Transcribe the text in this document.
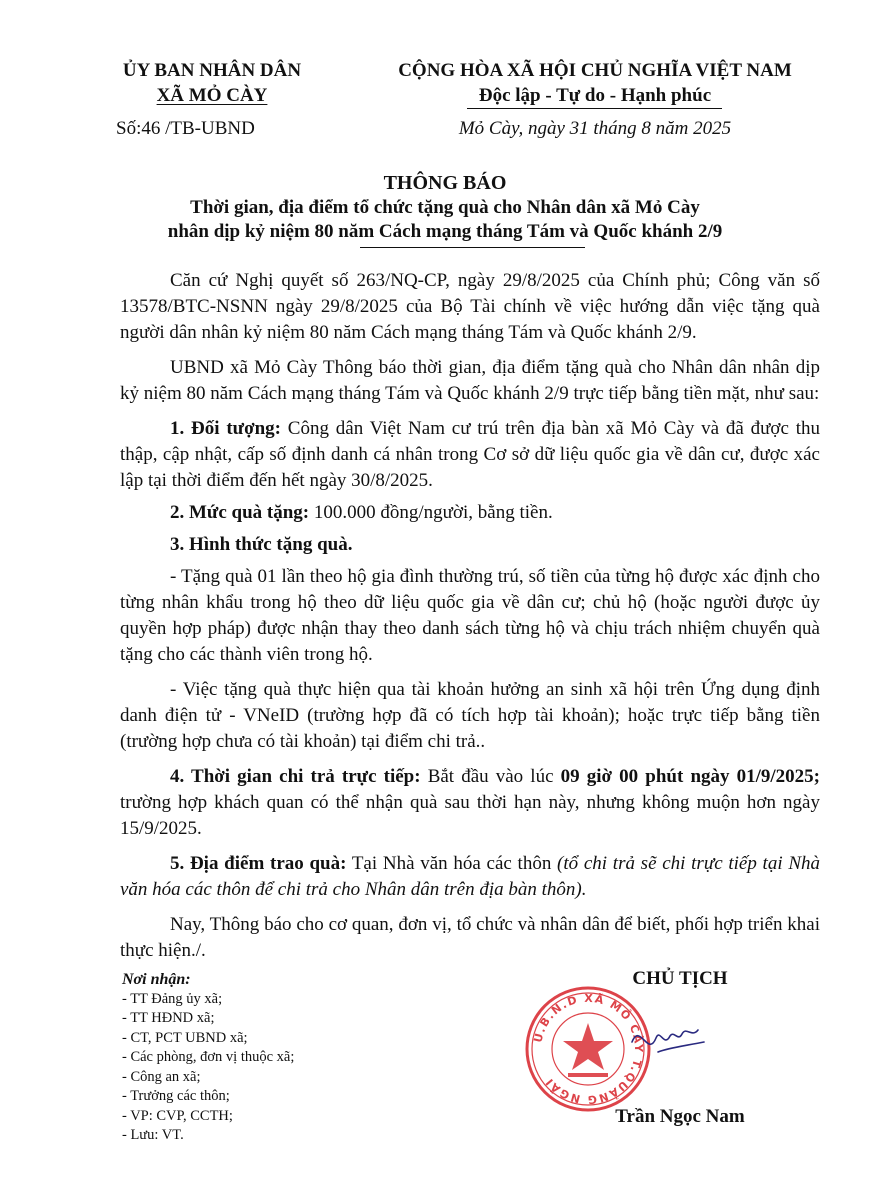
ỦY BAN NHÂN DÂN
XÃ MỎ CÀY
Số:46 /TB-UBND
CỘNG HÒA XÃ HỘI CHỦ NGHĨA VIỆT NAM
Độc lập - Tự do - Hạnh phúc
Mỏ Cày, ngày 31 tháng 8 năm 2025
THÔNG BÁO
Thời gian, địa điểm tổ chức tặng quà cho Nhân dân xã Mỏ Cày
nhân dịp kỷ niệm 80 năm Cách mạng tháng Tám và Quốc khánh 2/9

Căn cứ Nghị quyết số 263/NQ-CP, ngày 29/8/2025 của Chính phủ; Công văn số 13578/BTC-NSNN ngày 29/8/2025 của Bộ Tài chính về việc hướng dẫn việc tặng quà người dân nhân kỷ niệm 80 năm Cách mạng tháng Tám và Quốc khánh 2/9.

UBND xã Mỏ Cày Thông báo thời gian, địa điểm tặng quà cho Nhân dân nhân dịp kỷ niệm 80 năm Cách mạng tháng Tám và Quốc khánh 2/9 trực tiếp bằng tiền mặt, như sau:

1. Đối tượng: Công dân Việt Nam cư trú trên địa bàn xã Mỏ Cày và đã được thu thập, cập nhật, cấp số định danh cá nhân trong Cơ sở dữ liệu quốc gia về dân cư, được xác lập tại thời điểm đến hết ngày 30/8/2025.

2. Mức quà tặng: 100.000 đồng/người, bằng tiền.

3. Hình thức tặng quà.

- Tặng quà 01 lần theo hộ gia đình thường trú, số tiền của từng hộ được xác định cho từng nhân khẩu trong hộ theo dữ liệu quốc gia về dân cư; chủ hộ (hoặc người được ủy quyền hợp pháp) được nhận thay theo danh sách từng hộ và chịu trách nhiệm chuyển quà tặng cho các thành viên trong hộ.

- Việc tặng quà thực hiện qua tài khoản hưởng an sinh xã hội trên Ứng dụng định danh điện tử - VNeID (trường hợp đã có tích hợp tài khoản); hoặc trực tiếp bằng tiền (trường hợp chưa có tài khoản) tại điểm chi trả..

4. Thời gian chi trả trực tiếp: Bắt đầu vào lúc 09 giờ 00 phút ngày 01/9/2025; trường hợp khách quan có thể nhận quà sau thời hạn này, nhưng không muộn hơn ngày 15/9/2025.

5. Địa điểm trao quà: Tại Nhà văn hóa các thôn (tổ chi trả sẽ chi trực tiếp tại Nhà văn hóa các thôn để chi trả cho Nhân dân trên địa bàn thôn).

Nay, Thông báo cho cơ quan, đơn vị, tổ chức và nhân dân để biết, phối hợp triển khai thực hiện./.

Nơi nhận:
- TT Đảng ủy xã;
- TT HĐND xã;
- CT, PCT UBND xã;
- Các phòng, đơn vị thuộc xã;
- Công an xã;
- Trưởng các thôn;
- VP: CVP, CCTH;
- Lưu: VT.
CHỦ TỊCH
U.B.N.D XÃ MỎ CÀY T.QUẢNG NGÃI
Trần Ngọc Nam
